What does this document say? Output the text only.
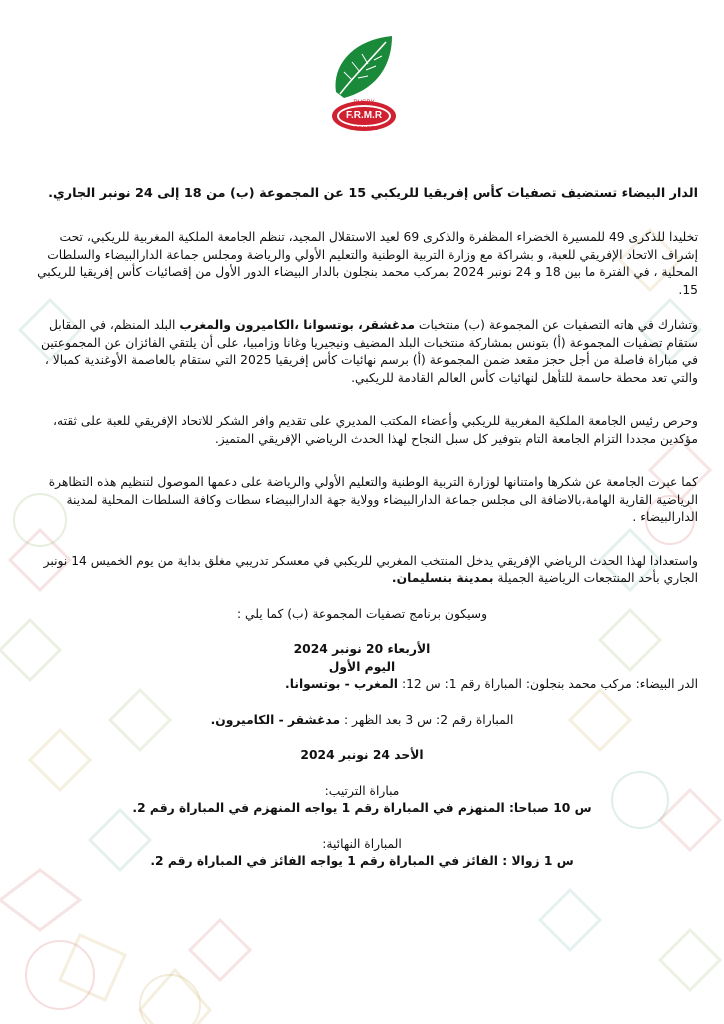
RUGBY
F.R.M.R
MOROCCO

الدار البيضاء تستضيف تصفيات كأس إفريقيا للريكبي 15 عن المجموعة (ب) من 18 إلى 24 نونبر الجاري.

تخليدا للذكرى 49 للمسيرة الخضراء المظفرة والذكرى 69 لعيد الاستقلال المجيد، تنظم الجامعة الملكية المغربية للريكبي، تحت إشراف الاتحاد الإفريقي للعبة، و بشراكة مع وزارة التربية الوطنية والتعليم الأولي والرياضة ومجلس جماعة الدارالبيضاء والسلطات المحلية ، في الفترة ما بين 18 و 24 نونبر 2024 بمركب محمد بنجلون بالدار البيضاء الدور الأول من إقصائيات كأس إفريقيا للريكبي 15.

وتشارك في هاته التصفيات عن المجموعة (ب) منتخبات مدغشقر، بوتسوانا ،الكاميرون والمغرب البلد المنظم، في المقابل ستقام تصفيات المجموعة (أ) بتونس بمشاركة منتخبات البلد المضيف ونيجيريا وغانا وزامبيا، على أن يلتقي الفائزان عن المجموعتين في مباراة فاصلة من أجل حجز مقعد ضمن المجموعة (أ) برسم نهائيات كأس إفريقيا 2025 التي ستقام بالعاصمة الأوغندية كمبالا ، والتي تعد محطة حاسمة للتأهل لنهائيات كأس العالم القادمة للريكبي.

وحرص رئيس الجامعة الملكية المغربية للريكبي وأعضاء المكتب المديري على تقديم وافر الشكر للاتحاد الإفريقي للعبة على ثقته، مؤكدين مجددا التزام الجامعة التام بتوفير كل سبل النجاح لهذا الحدث الرياضي الإفريقي المتميز.

كما عبرت الجامعة عن شكرها وامتنانها لوزارة التربية الوطنية والتعليم الأولي والرياضة على دعمها الموصول لتنظيم هذه التظاهرة الرياضية القارية الهامة،بالاضافة الى مجلس جماعة الدارالبيضاء وولاية جهة الدارالبيضاء سطات وكافة السلطات المحلية لمدينة الدارالبيضاء .

واستعدادا لهذا الحدث الرياضي الإفريقي يدخل المنتخب المغربي للريكبي في معسكر تدريبي مغلق بداية من يوم الخميس 14 نونبر الجاري بأحد المنتجعات الرياضية الجميلة بمدينة بنسليمان.

وسيكون برنامج تصفيات المجموعة (ب) كما يلي :

الأربعاء 20 نونبر 2024

اليوم الأول

الدر البيضاء: مركب محمد بنجلون: المباراة رقم 1: س 12: المغرب - بوتسوانا.

المباراة رقم 2: س 3 بعد الظهر : مدغشقر - الكاميرون.

الأحد 24 نونبر 2024

مباراة الترتيب:

س 10 صباحا: المنهزم في المباراة رقم 1 يواجه المنهزم في المباراة رقم 2.

المباراة النهائية:

س 1 زوالا : الفائز في المباراة رقم 1 يواجه الفائز في المباراة رقم 2.
